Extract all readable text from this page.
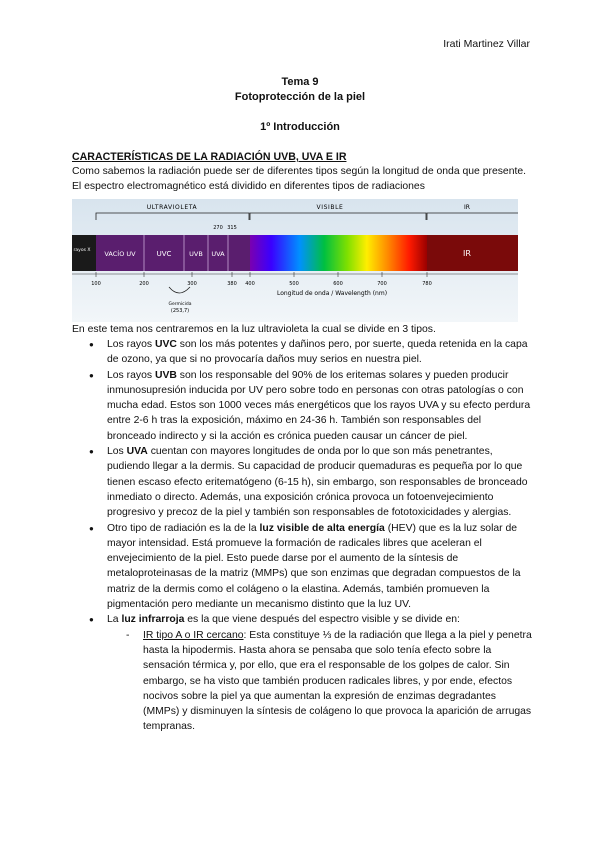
Irati Martinez Villar
Tema 9
Fotoprotección de la piel
1º Introducción
CARACTERÍSTICAS DE LA RADIACIÓN UVB, UVA E IR
Como sabemos la radiación puede ser de diferentes tipos según la longitud de onda que presente. El espectro electromagnético está dividido en diferentes tipos de radiaciones
ULTRAVIOLETA	VISIBLE	IR
270 315
rayos X VACÍO UV	UVC	UVB UVA	IR
100	200	300	380 400	500	600	700	780
Germicida
(253,7)
Longitud de onda / Wavelength (nm)
En este tema nos centraremos en la luz ultravioleta la cual se divide en 3 tipos.
● Los rayos UVC son los más potentes y dañinos pero, por suerte, queda retenida en la capa de ozono, ya que si no provocaría daños muy serios en nuestra piel.
● Los rayos UVB son los responsable del 90% de los eritemas solares y pueden producir inmunosupresión inducida por UV pero sobre todo en personas con otras patologías o con mucha edad. Estos son 1000 veces más energéticos que los rayos UVA y su efecto perdura entre 2-6 h tras la exposición, máximo en 24-36 h. También son responsables del bronceado indirecto y si la acción es crónica pueden causar un cáncer de piel.
● Los UVA cuentan con mayores longitudes de onda por lo que son más penetrantes, pudiendo llegar a la dermis. Su capacidad de producir quemaduras es pequeña por lo que tienen escaso efecto eritematógeno (6-15 h), sin embargo, son responsables de bronceado inmediato o directo. Además, una exposición crónica provoca un fotoenvejecimiento progresivo y precoz de la piel y también son responsables de fototoxicidades y alergias.
● Otro tipo de radiación es la de la luz visible de alta energía (HEV) que es la luz solar de mayor intensidad. Está promueve la formación de radicales libres que aceleran el envejecimiento de la piel. Esto puede darse por el aumento de la síntesis de metaloproteinasas de la matriz (MMPs) que son enzimas que degradan compuestos de la matriz de la dermis como el colágeno o la elastina. Además, también promueven la pigmentación pero mediante un mecanismo distinto que la luz UV.
● La luz infrarroja es la que viene después del espectro visible y se divide en:
- IR tipo A o IR cercano: Esta constituye ⅓ de la radiación que llega a la piel y penetra hasta la hipodermis. Hasta ahora se pensaba que solo tenía efecto sobre la sensación térmica y, por ello, que era el responsable de los golpes de calor. Sin embargo, se ha visto que también producen radicales libres, y por ende, efectos nocivos sobre la piel ya que aumentan la expresión de enzimas degradantes (MMPs) y disminuyen la síntesis de colágeno lo que provoca la aparición de arrugas tempranas.
